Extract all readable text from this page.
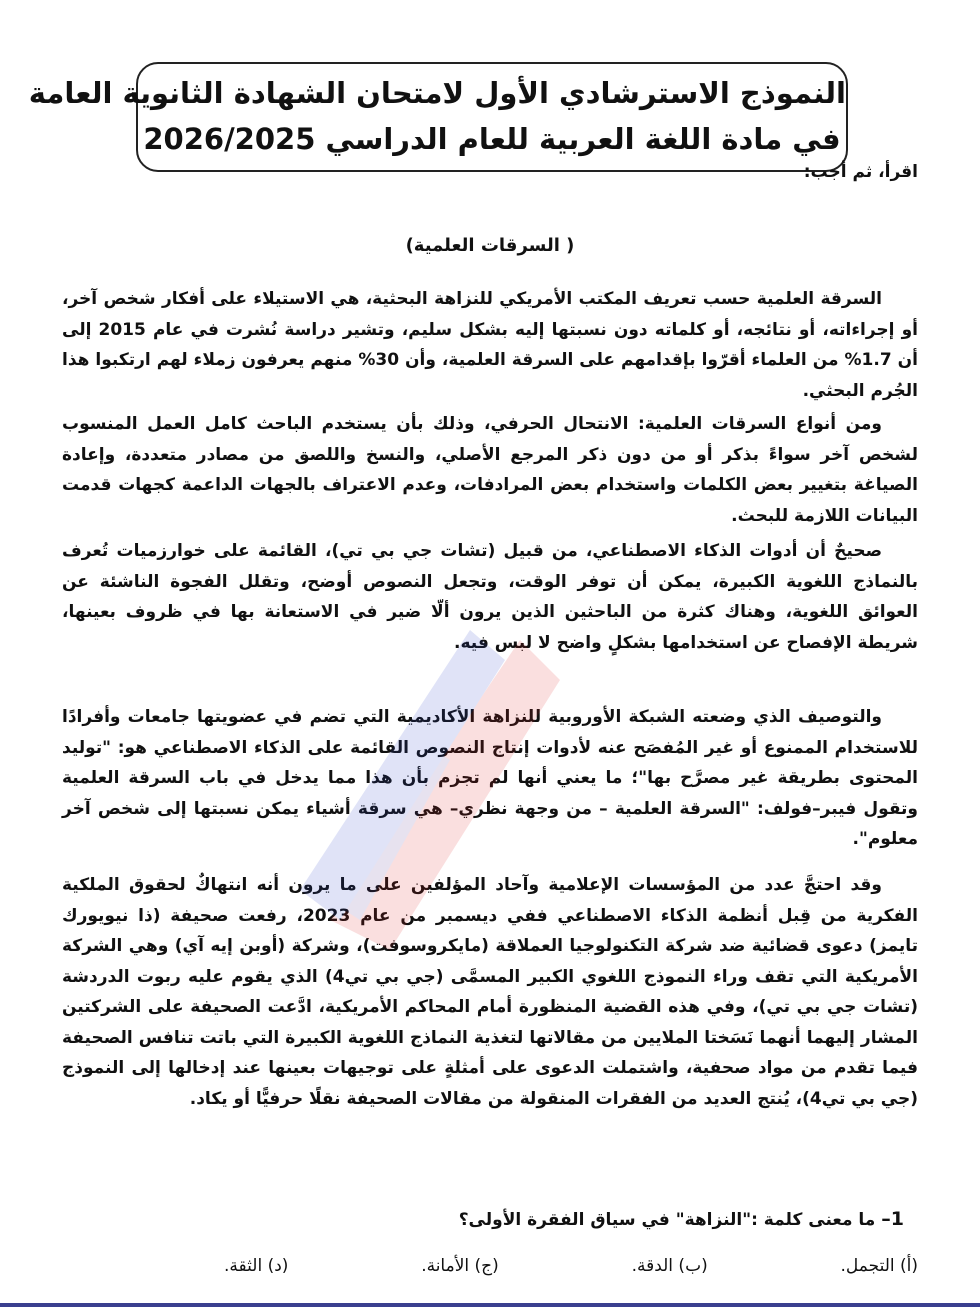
النموذج الاسترشادي الأول لامتحان الشهادة الثانوية العامة
في مادة اللغة العربية للعام الدراسي 2026/2025
اقرأ، ثم أجب:
( السرقات العلمية)

السرقة العلمية حسب تعريف المكتب الأمريكي للنزاهة البحثية، هي الاستيلاء على أفكار شخص آخر، أو إجراءاته، أو نتائجه، أو كلماته دون نسبتها إليه بشكل سليم، وتشير دراسة نُشرت في عام 2015 إلى أن 1.7% من العلماء أقرّوا بإقدامهم على السرقة العلمية، وأن 30% منهم يعرفون زملاء لهم ارتكبوا هذا الجُرم البحثي.

ومن أنواع السرقات العلمية: الانتحال الحرفي، وذلك بأن يستخدم الباحث كامل العمل المنسوب لشخص آخر سواءً بذكر أو من دون ذكر المرجع الأصلي، والنسخ واللصق من مصادر متعددة، وإعادة الصياغة بتغيير بعض الكلمات واستخدام بعض المرادفات، وعدم الاعتراف بالجهات الداعمة كجهات قدمت البيانات اللازمة للبحث.

صحيحٌ أن أدوات الذكاء الاصطناعي، من قبيل (تشات جي بي تي)، القائمة على خوارزميات تُعرف بالنماذج اللغوية الكبيرة، يمكن أن توفر الوقت، وتجعل النصوص أوضح، وتقلل الفجوة الناشئة عن العوائق اللغوية، وهناك كثرة من الباحثين الذين يرون ألّا ضير في الاستعانة بها في ظروف بعينها، شريطة الإفصاح عن استخدامها بشكلٍ واضح لا لبس فيه.

والتوصيف الذي وضعته الشبكة الأوروبية للنزاهة الأكاديمية التي تضم في عضويتها جامعات وأفرادًا للاستخدام الممنوع أو غير المُفصَح عنه لأدوات إنتاج النصوص القائمة على الذكاء الاصطناعي هو: "توليد المحتوى بطريقة غير مصرَّح بها"؛ ما يعني أنها لم تجزم بأن هذا مما يدخل في باب السرقة العلمية وتقول فيبر–فولف: "السرقة العلمية – من وجهة نظري– هي سرقة أشياء يمكن نسبتها إلى شخص آخر معلوم".

وقد احتجَّ عدد من المؤسسات الإعلامية وآحاد المؤلفين على ما يرون أنه انتهاكٌ لحقوق الملكية الفكرية من قِبل أنظمة الذكاء الاصطناعي ففي ديسمبر من عام 2023، رفعت صحيفة (ذا نيويورك تايمز) دعوى قضائية ضد شركة التكنولوجيا العملاقة (مايكروسوفت)، وشركة (أوبن إيه آي) وهي الشركة الأمريكية التي تقف وراء النموذج اللغوي الكبير المسمَّى (جي بي تي4) الذي يقوم عليه ربوت الدردشة (تشات جي بي تي)، وفي هذه القضية المنظورة أمام المحاكم الأمريكية، ادَّعت الصحيفة على الشركتين المشار إليهما أنهما نَسَختا الملايين من مقالاتها لتغذية النماذج اللغوية الكبيرة التي باتت تنافس الصحيفة فيما تقدم من مواد صحفية، واشتملت الدعوى على أمثلةٍ على توجيهات بعينها عند إدخالها إلى النموذج (جي بي تي4)، يُنتج العديد من الفقرات المنقولة من مقالات الصحيفة نقلًا حرفيًّا أو يكاد.

1– ما معنى كلمة :"النزاهة" في سياق الفقرة الأولى؟
(أ) التجمل.
(ب) الدقة.
(ج) الأمانة.
(د) الثقة.
